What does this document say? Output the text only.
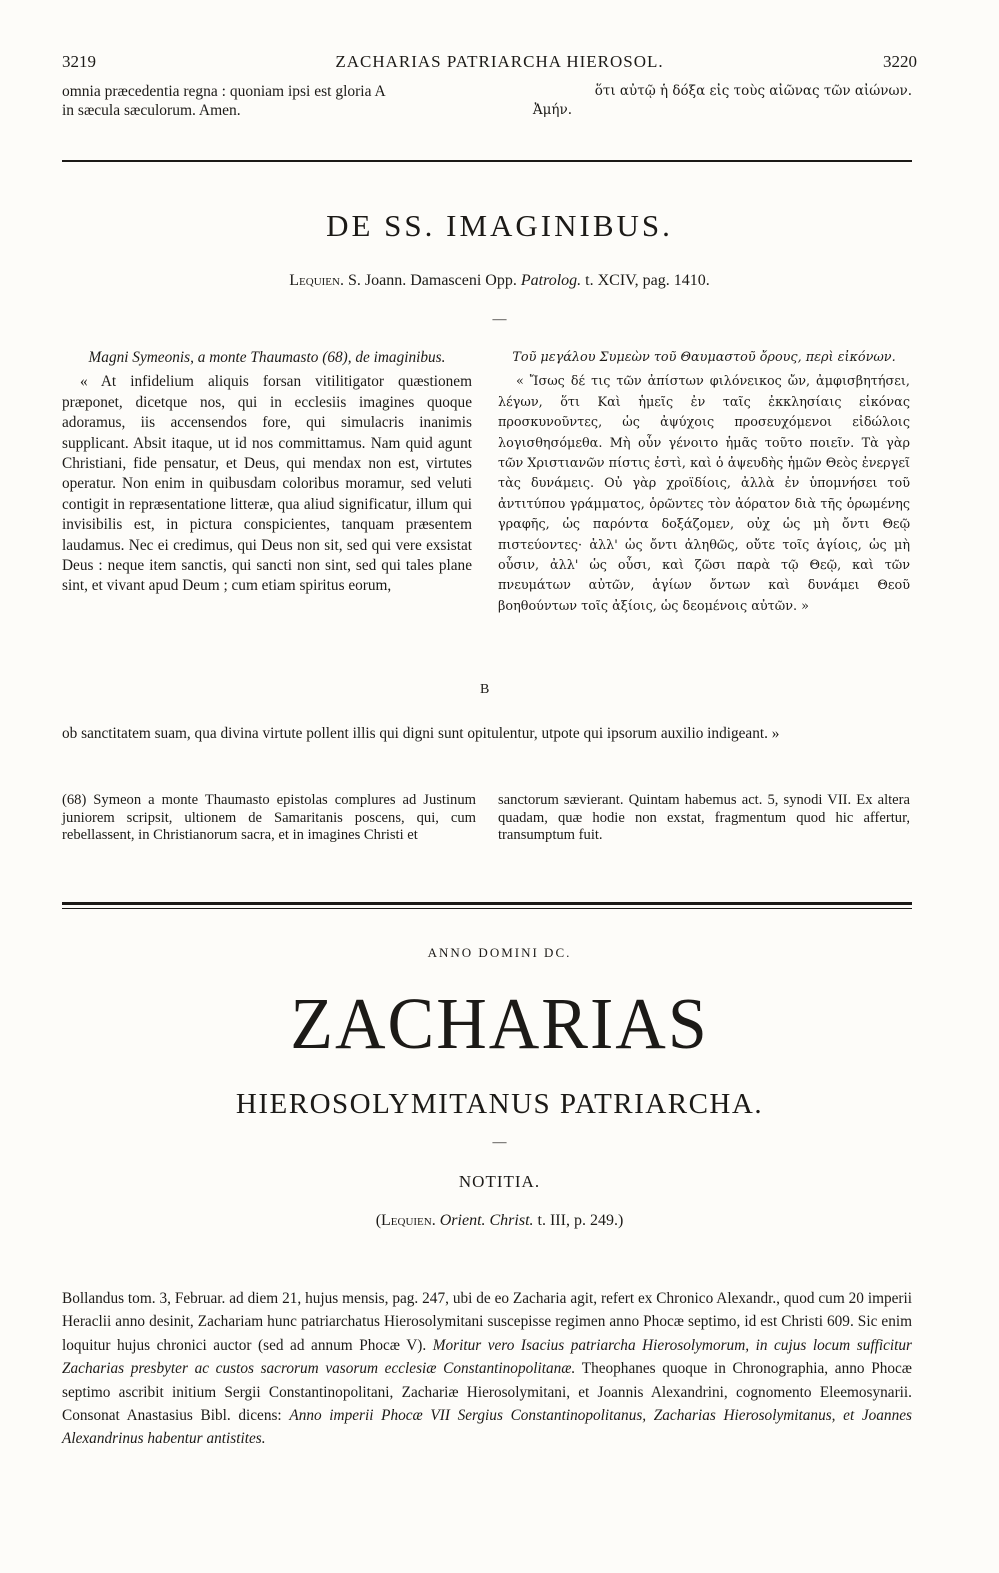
3219	ZACHARIAS PATRIARCHA HIEROSOL.	3220
omnia præcedentia regna : quoniam ipsi est gloria A	ὅτι αὐτῷ ἡ δόξα εἰς τοὺς αἰῶνας τῶν αἰώνων.
in sæcula sæculorum. Amen.	Ἀμήν.
DE SS. IMAGINIBUS.
Lequien. S. Joann. Damasceni Opp. Patrolog. t. XCIV, pag. 1410.
—
Magni Symeonis, a monte Thaumasto (68), de imaginibus.
« At infidelium aliquis forsan vitilitigator quæstionem præponet, dicetque nos, qui in ecclesiis imagines quoque adoramus, iis accensendos fore, qui simulacris inanimis supplicant. Absit itaque, ut id nos committamus. Nam quid agunt Christiani, fide pensatur, et Deus, qui mendax non est, virtutes operatur. Non enim in quibusdam coloribus moramur, sed veluti contigit in repræsentatione litteræ, qua aliud significatur, illum qui invisibilis est, in pictura conspicientes, tanquam præsentem laudamus. Nec ei credimus, qui Deus non sit, sed qui vere exsistat Deus : neque item sanctis, qui sancti non sint, sed qui tales plane sint, et vivant apud Deum ; cum etiam spiritus eorum,
Τοῦ μεγάλου Συμεὼν τοῦ Θαυμαστοῦ ὄρους, περὶ εἰκόνων.
« Ἴσως δέ τις τῶν ἀπίστων φιλόνεικος ὤν, ἀμφισβητήσει, λέγων, ὅτι Καὶ ἡμεῖς ἐν ταῖς ἐκκλησίαις εἰκόνας προσκυνοῦντες, ὡς ἀψύχοις προσευχόμενοι εἰδώλοις λογισθησόμεθα. Μὴ οὖν γένοιτο ἡμᾶς τοῦτο ποιεῖν. Τὰ γὰρ τῶν Χριστιανῶν πίστις ἐστὶ, καὶ ὁ ἀψευδὴς ἡμῶν Θεὸς ἐνεργεῖ τὰς δυνάμεις. Οὐ γὰρ χροϊδίοις, ἀλλὰ ἐν ὑπομνήσει τοῦ ἀντιτύπου γράμματος, ὁρῶντες τὸν ἀόρατον διὰ τῆς ὁρωμένης γραφῆς, ὡς παρόντα δοξάζομεν, οὐχ ὡς μὴ ὄντι Θεῷ πιστεύοντες· ἀλλ' ὡς ὄντι ἀληθῶς, οὔτε τοῖς ἁγίοις, ὡς μὴ οὖσιν, ἀλλ' ὡς οὖσι, καὶ ζῶσι παρὰ τῷ Θεῷ, καὶ τῶν πνευμάτων αὐτῶν, ἁγίων ὄντων καὶ δυνάμει Θεοῦ βοηθούντων τοῖς ἀξίοις, ὡς δεομένοις αὐτῶν. »
B
ob sanctitatem suam, qua divina virtute pollent illis qui digni sunt opitulentur, utpote qui ipsorum auxilio indigeant. »
(68) Symeon a monte Thaumasto epistolas complures ad Justinum juniorem scripsit, ultionem de Samaritanis poscens, qui, cum rebellassent, in Christianorum sacra, et in imagines Christi et
sanctorum sævierant. Quintam habemus act. 5, synodi VII. Ex altera quadam, quæ hodie non exstat, fragmentum quod hic affertur, transumptum fuit.
ANNO DOMINI DC.
ZACHARIAS
HIEROSOLYMITANUS PATRIARCHA.
—
NOTITIA.
(Lequien. Orient. Christ. t. III, p. 249.)
Bollandus tom. 3, Februar. ad diem 21, hujus mensis, pag. 247, ubi de eo Zacharia agit, refert ex Chronico Alexandr., quod cum 20 imperii Heraclii anno desinit, Zachariam hunc patriarchatus Hierosolymitani suscepisse regimen anno Phocæ septimo, id est Christi 609. Sic enim loquitur hujus chronici auctor (sed ad annum Phocæ V). Moritur vero Isacius patriarcha Hierosolymorum, in cujus locum sufficitur Zacharias presbyter ac custos sacrorum vasorum ecclesiæ Constantinopolitanæ. Theophanes quoque in Chronographia, anno Phocæ septimo ascribit initium Sergii Constantinopolitani, Zachariæ Hierosolymitani, et Joannis Alexandrini, cognomento Eleemosynarii. Consonat Anastasius Bibl. dicens: Anno imperii Phocæ VII Sergius Constantinopolitanus, Zacharias Hierosolymitanus, et Joannes Alexandrinus habentur antistites.
